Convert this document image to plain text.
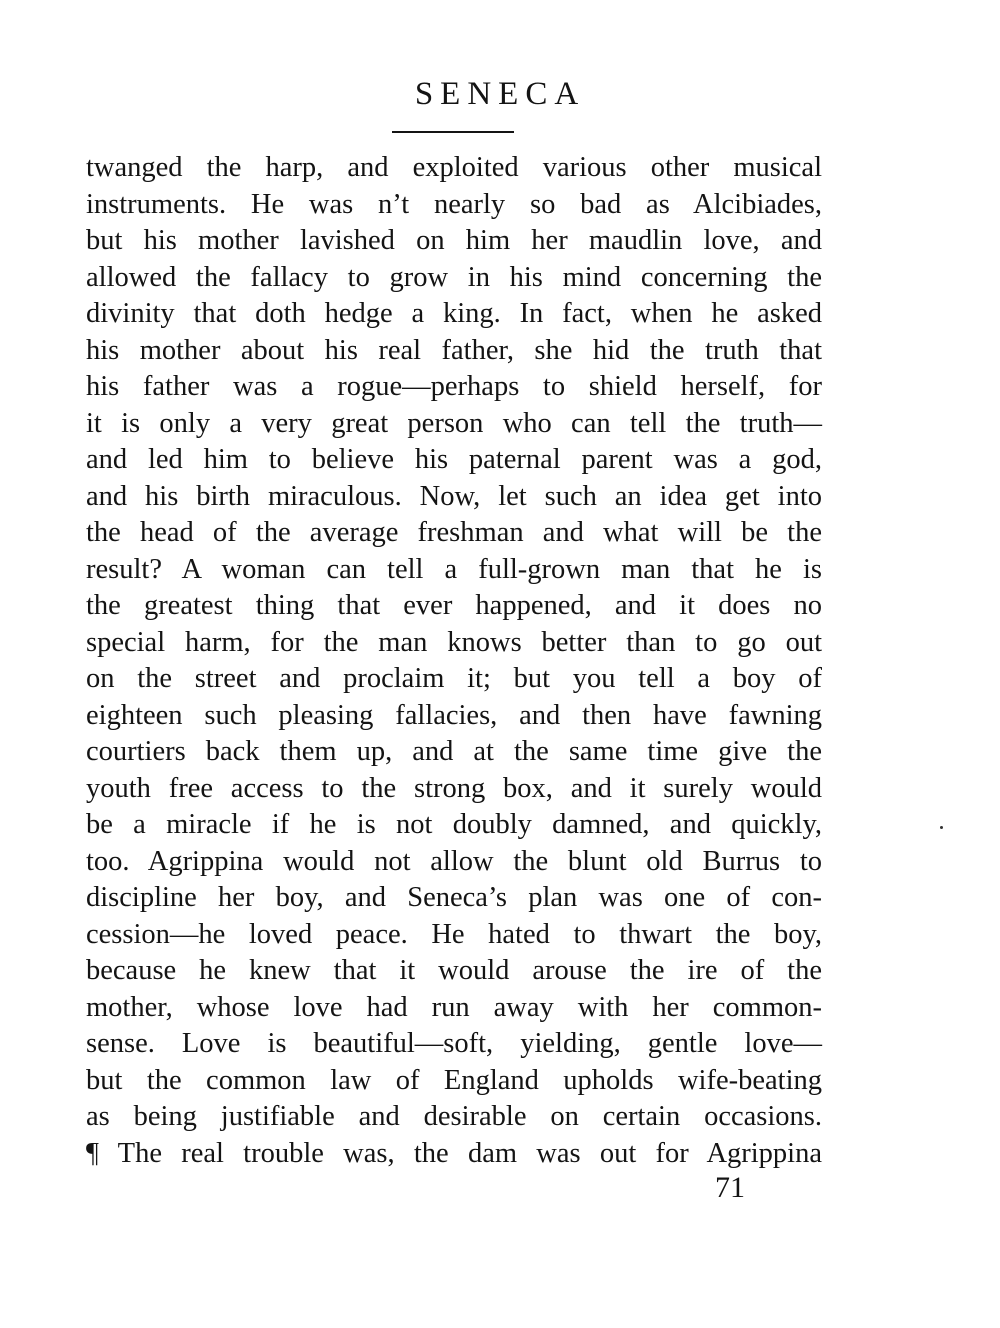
SENECA
twanged the harp, and exploited various other musical
instruments. He was n’t nearly so bad as Alcibiades,
but his mother lavished on him her maudlin love, and
allowed the fallacy to grow in his mind concerning the
divinity that doth hedge a king. In fact, when he asked
his mother about his real father, she hid the truth that
his father was a rogue—perhaps to shield herself, for
it is only a very great person who can tell the truth—
and led him to believe his paternal parent was a god,
and his birth miraculous. Now, let such an idea get into
the head of the average freshman and what will be the
result? A woman can tell a full-grown man that he is
the greatest thing that ever happened, and it does no
special harm, for the man knows better than to go out
on the street and proclaim it; but you tell a boy of
eighteen such pleasing fallacies, and then have fawning
courtiers back them up, and at the same time give the
youth free access to the strong box, and it surely would
be a miracle if he is not doubly damned, and quickly,
too. Agrippina would not allow the blunt old Burrus to
discipline her boy, and Seneca’s plan was one of con-
cession—he loved peace. He hated to thwart the boy,
because he knew that it would arouse the ire of the
mother, whose love had run away with her common-
sense. Love is beautiful—soft, yielding, gentle love—
but the common law of England upholds wife-beating
as being justifiable and desirable on certain occasions.
¶ The real trouble was, the dam was out for Agrippina
71
